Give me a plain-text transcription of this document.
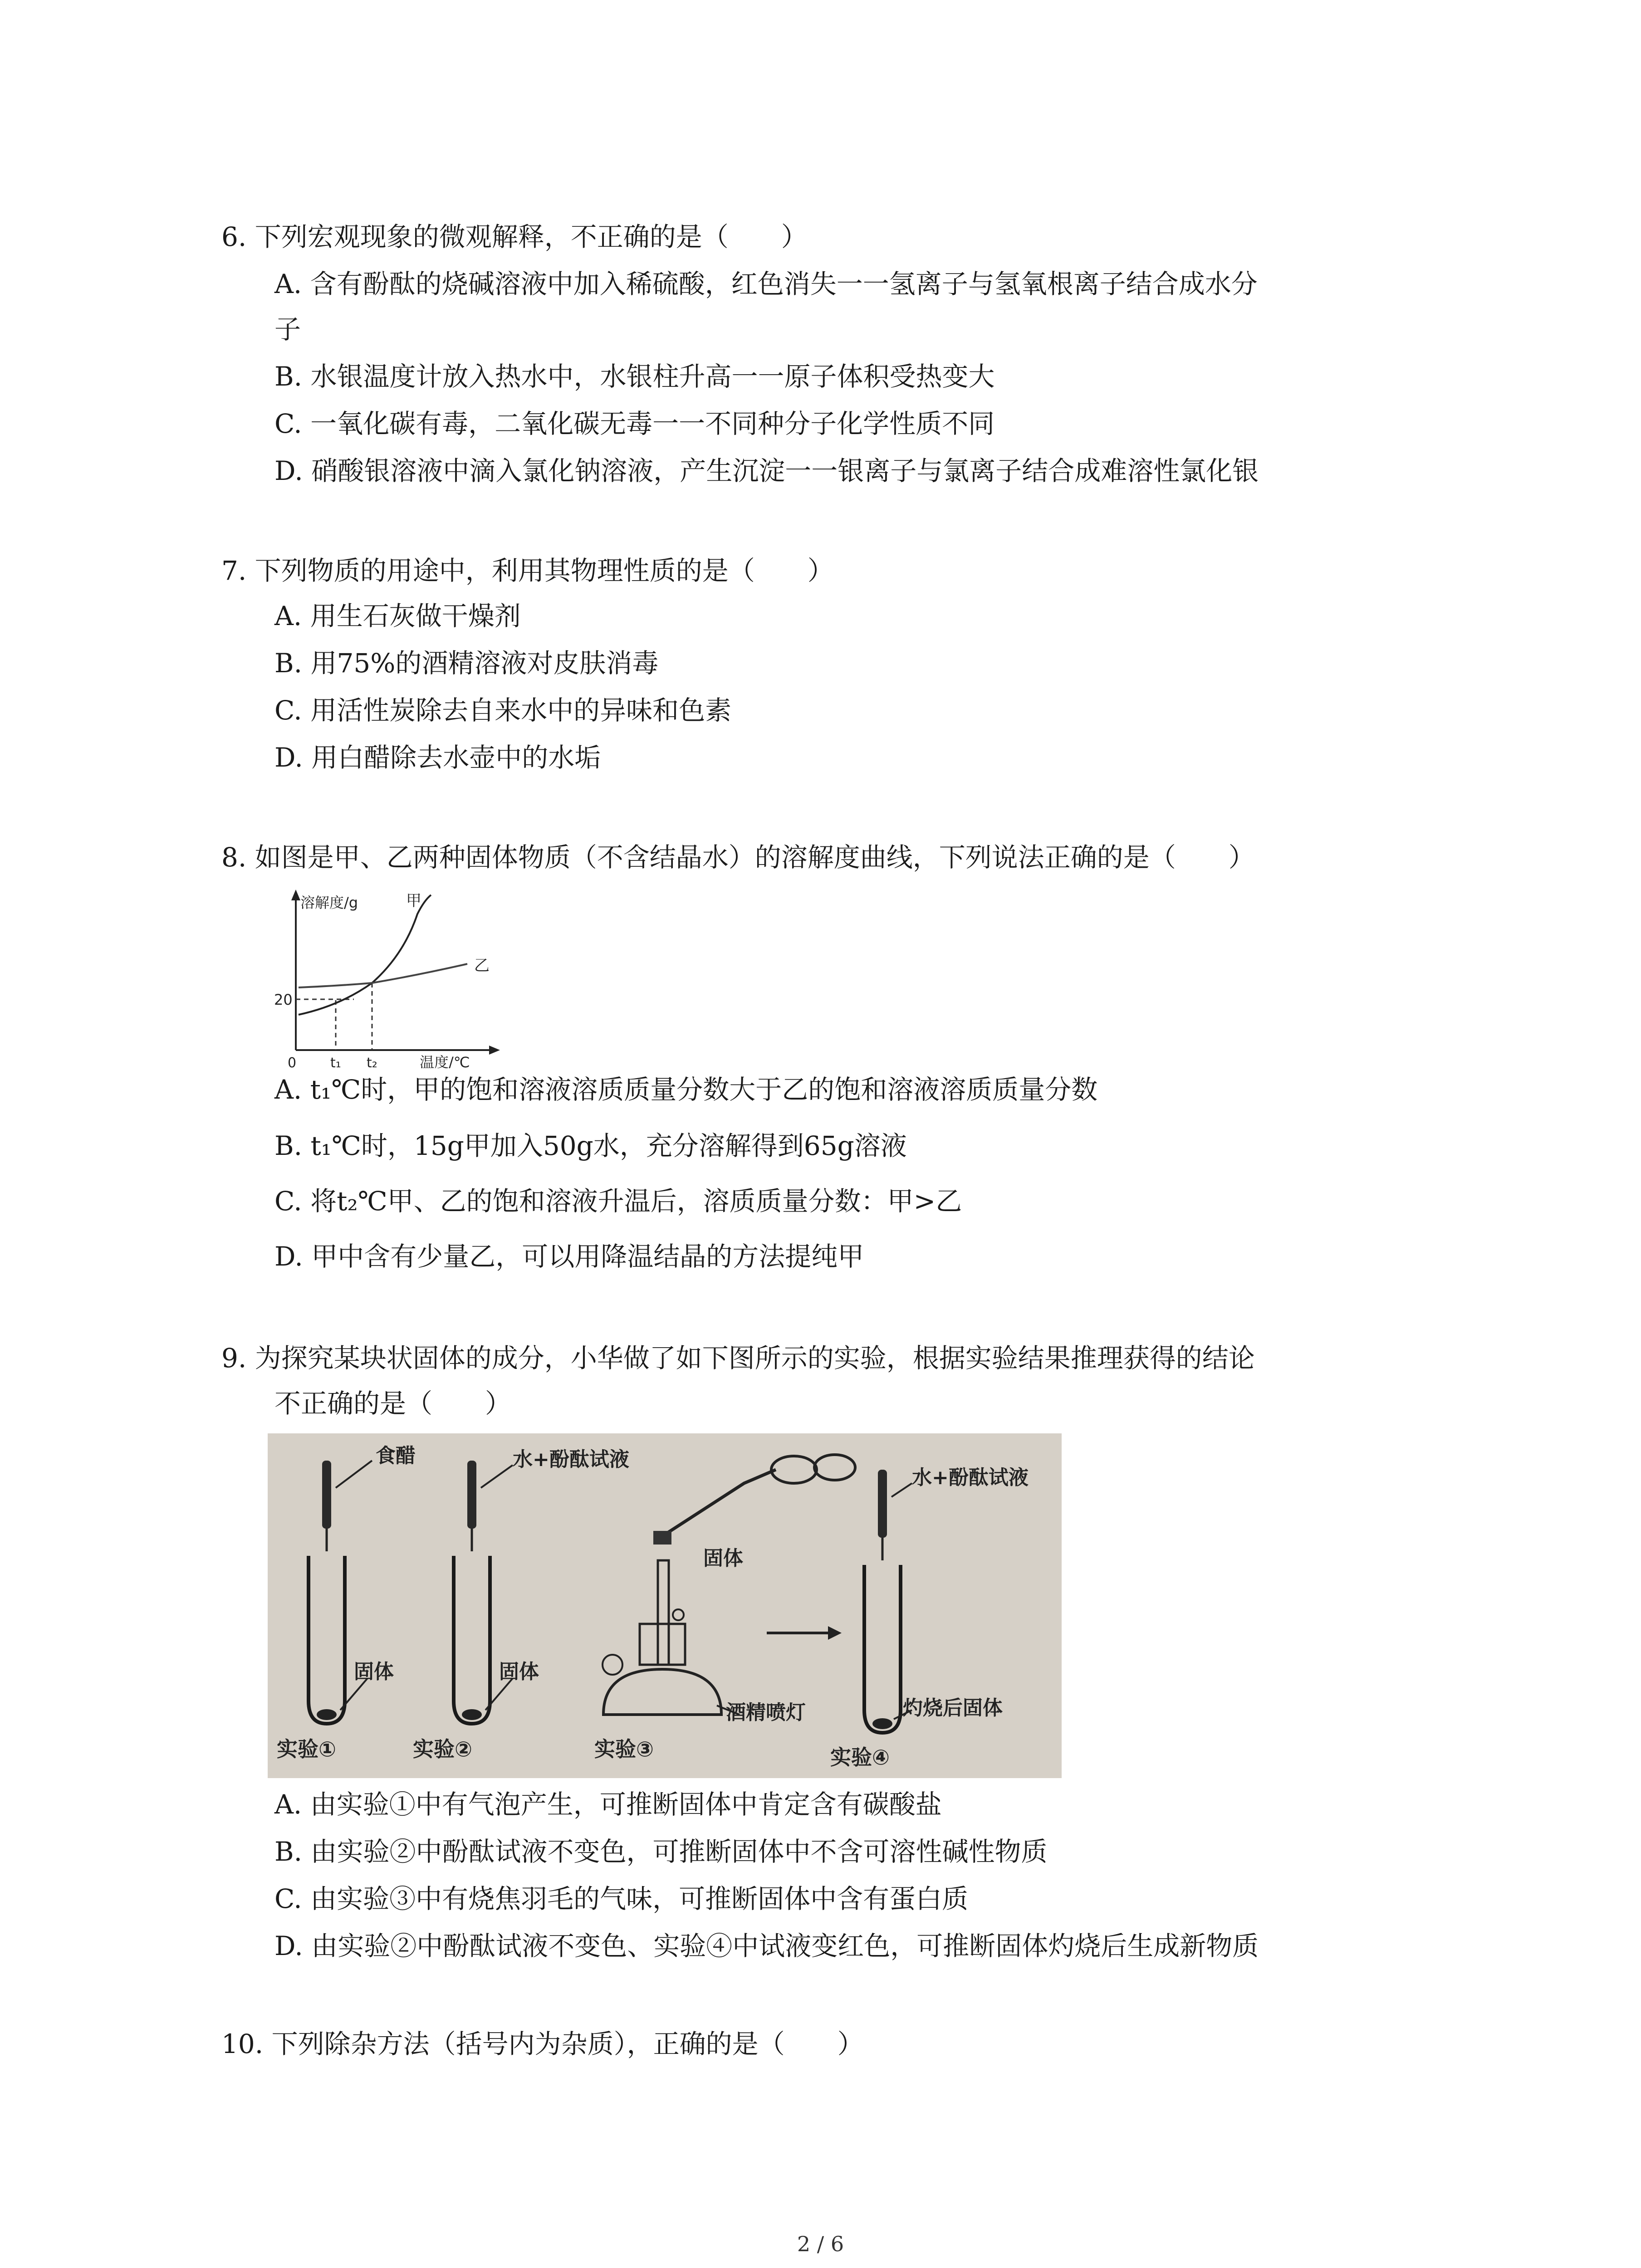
6. 下列宏观现象的微观解释，不正确的是（　　）
A. 含有酚酞的烧碱溶液中加入稀硫酸，红色消失一一氢离子与氢氧根离子结合成水分
子
B. 水银温度计放入热水中，水银柱升高一一原子体积受热变大
C. 一氧化碳有毒，二氧化碳无毒一一不同种分子化学性质不同
D. 硝酸银溶液中滴入氯化钠溶液，产生沉淀一一银离子与氯离子结合成难溶性氯化银
7. 下列物质的用途中，利用其物理性质的是（　　）
A. 用生石灰做干燥剂
B. 用75%的酒精溶液对皮肤消毒
C. 用活性炭除去自来水中的异味和色素
D. 用白醋除去水壶中的水垢
8. 如图是甲、乙两种固体物质（不含结晶水）的溶解度曲线，下列说法正确的是（　　）
溶解度/g	甲
乙
20
0 t₁ t₂	温度/℃
A. t₁℃时，甲的饱和溶液溶质质量分数大于乙的饱和溶液溶质质量分数
B. t₁℃时，15g甲加入50g水，充分溶解得到65g溶液
C. 将t₂℃甲、乙的饱和溶液升温后，溶质质量分数：甲>乙
D. 甲中含有少量乙，可以用降温结晶的方法提纯甲
9. 为探究某块状固体的成分，小华做了如下图所示的实验，根据实验结果推理获得的结论
不正确的是（　　）
食醋
固体
实验①
水+酚酞试液
固体
实验②
固体
酒精喷灯
实验③
水+酚酞试液
灼烧后固体
实验④
A. 由实验①中有气泡产生，可推断固体中肯定含有碳酸盐
B. 由实验②中酚酞试液不变色，可推断固体中不含可溶性碱性物质
C. 由实验③中有烧焦羽毛的气味，可推断固体中含有蛋白质
D. 由实验②中酚酞试液不变色、实验④中试液变红色，可推断固体灼烧后生成新物质
10. 下列除杂方法（括号内为杂质），正确的是（　　）
2 / 6
